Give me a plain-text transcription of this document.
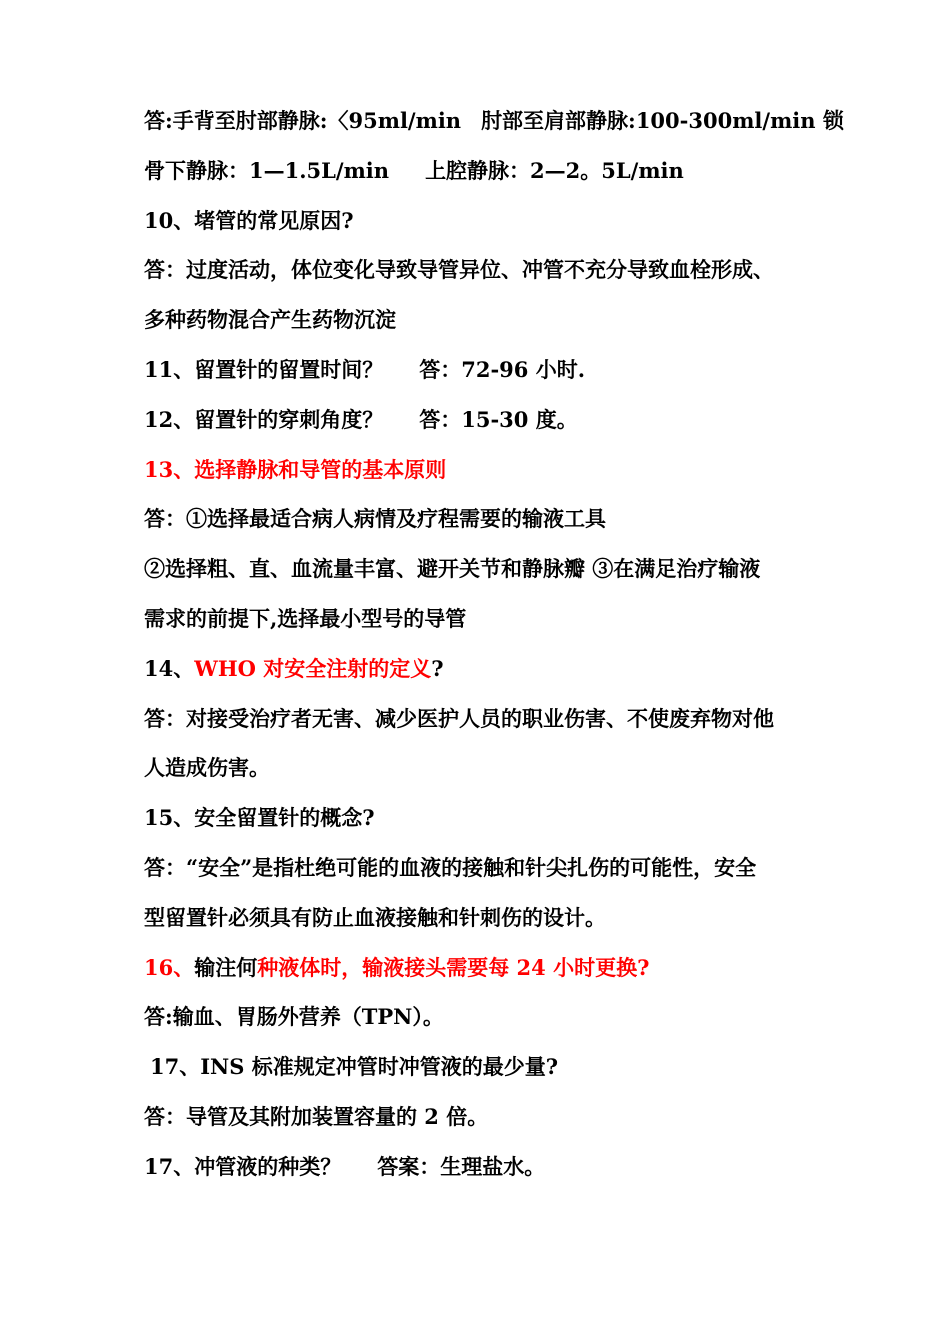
答:手背至肘部静脉:〈95ml/min 肘部至肩部静脉:100-300ml/min 锁
骨下静脉：1—1.5L/min 上腔静脉：2—2。5L/min
10、堵管的常见原因?
答：过度活动，体位变化导致导管异位、冲管不充分导致血栓形成、
多种药物混合产生药物沉淀
11、留置针的留置时间？ 答：72-96 小时.
12、留置针的穿刺角度？ 答：15-30 度。
13、选择静脉和导管的基本原则
答：①选择最适合病人病情及疗程需要的输液工具
②选择粗、直、血流量丰富、避开关节和静脉瓣 ③在满足治疗输液
需求的前提下,选择最小型号的导管
14、WHO 对安全注射的定义?
答：对接受治疗者无害、减少医护人员的职业伤害、不使废弃物对他
人造成伤害。
15、安全留置针的概念?
答：“安全”是指杜绝可能的血液的接触和针尖扎伤的可能性，安全
型留置针必须具有防止血液接触和针刺伤的设计。
16、输注何种液体时，输液接头需要每 24 小时更换?
答:输血、胃肠外营养（TPN）。
17、INS 标准规定冲管时冲管液的最少量?
答：导管及其附加装置容量的 2 倍。
17、冲管液的种类？ 答案：生理盐水。
